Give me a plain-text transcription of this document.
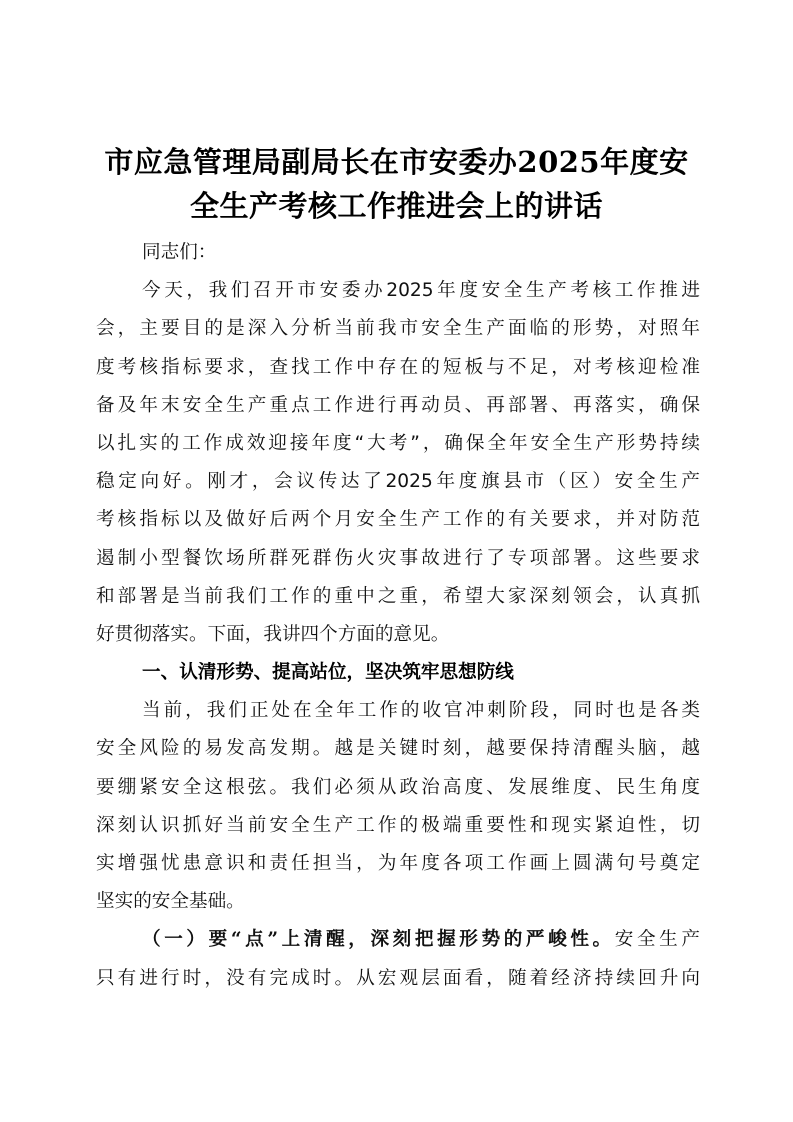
市应急管理局副局长在市安委办2025年度安
全生产考核工作推进会上的讲话
同志们：
今天，我们召开市安委办2025年度安全生产考核工作推进
会，主要目的是深入分析当前我市安全生产面临的形势，对照年
度考核指标要求，查找工作中存在的短板与不足，对考核迎检准
备及年末安全生产重点工作进行再动员、再部署、再落实，确保
以扎实的工作成效迎接年度“大考”，确保全年安全生产形势持续
稳定向好。刚才，会议传达了2025年度旗县市（区）安全生产
考核指标以及做好后两个月安全生产工作的有关要求，并对防范
遏制小型餐饮场所群死群伤火灾事故进行了专项部署。这些要求
和部署是当前我们工作的重中之重，希望大家深刻领会，认真抓
好贯彻落实。下面，我讲四个方面的意见。
一、认清形势、提高站位，坚决筑牢思想防线
当前，我们正处在全年工作的收官冲刺阶段，同时也是各类
安全风险的易发高发期。越是关键时刻，越要保持清醒头脑，越
要绷紧安全这根弦。我们必须从政治高度、发展维度、民生角度
深刻认识抓好当前安全生产工作的极端重要性和现实紧迫性，切
实增强忧患意识和责任担当，为年度各项工作画上圆满句号奠定
坚实的安全基础。
（一）要“点”上清醒，深刻把握形势的严峻性。安全生产
只有进行时，没有完成时。从宏观层面看，随着经济持续回升向
